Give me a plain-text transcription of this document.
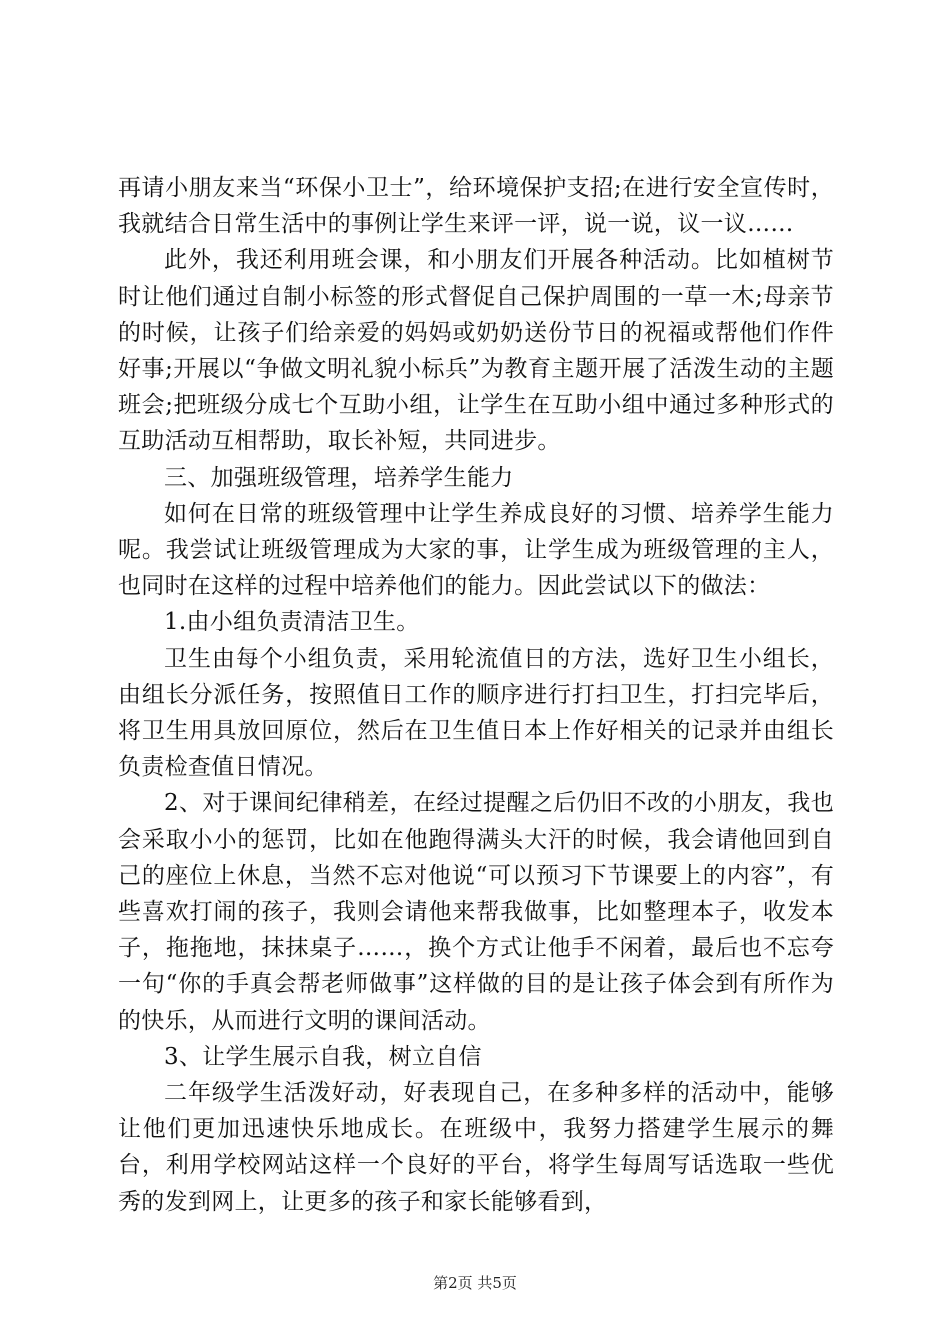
再请小朋友来当“环保小卫士”，给环境保护支招;在进行安全宣传时，我就结合日常生活中的事例让学生来评一评，说一说，议一议……

此外，我还利用班会课，和小朋友们开展各种活动。比如植树节时让他们通过自制小标签的形式督促自己保护周围的一草一木;母亲节的时候，让孩子们给亲爱的妈妈或奶奶送份节日的祝福或帮他们作件好事;开展以“争做文明礼貌小标兵”为教育主题开展了活泼生动的主题班会;把班级分成七个互助小组，让学生在互助小组中通过多种形式的互助活动互相帮助，取长补短，共同进步。

三、加强班级管理，培养学生能力

如何在日常的班级管理中让学生养成良好的习惯、培养学生能力呢。我尝试让班级管理成为大家的事，让学生成为班级管理的主人，也同时在这样的过程中培养他们的能力。因此尝试以下的做法：

1.由小组负责清洁卫生。

卫生由每个小组负责，采用轮流值日的方法，选好卫生小组长，由组长分派任务，按照值日工作的顺序进行打扫卫生，打扫完毕后，将卫生用具放回原位，然后在卫生值日本上作好相关的记录并由组长负责检查值日情况。

2、对于课间纪律稍差，在经过提醒之后仍旧不改的小朋友，我也会采取小小的惩罚，比如在他跑得满头大汗的时候，我会请他回到自己的座位上休息，当然不忘对他说“可以预习下节课要上的内容”，有些喜欢打闹的孩子，我则会请他来帮我做事，比如整理本子，收发本子，拖拖地，抹抹桌子……，换个方式让他手不闲着，最后也不忘夸一句“你的手真会帮老师做事”这样做的目的是让孩子体会到有所作为的快乐，从而进行文明的课间活动。

3、让学生展示自我，树立自信

二年级学生活泼好动，好表现自己，在多种多样的活动中，能够让他们更加迅速快乐地成长。在班级中，我努力搭建学生展示的舞台，利用学校网站这样一个良好的平台，将学生每周写话选取一些优秀的发到网上，让更多的孩子和家长能够看到，

第2页 共5页
